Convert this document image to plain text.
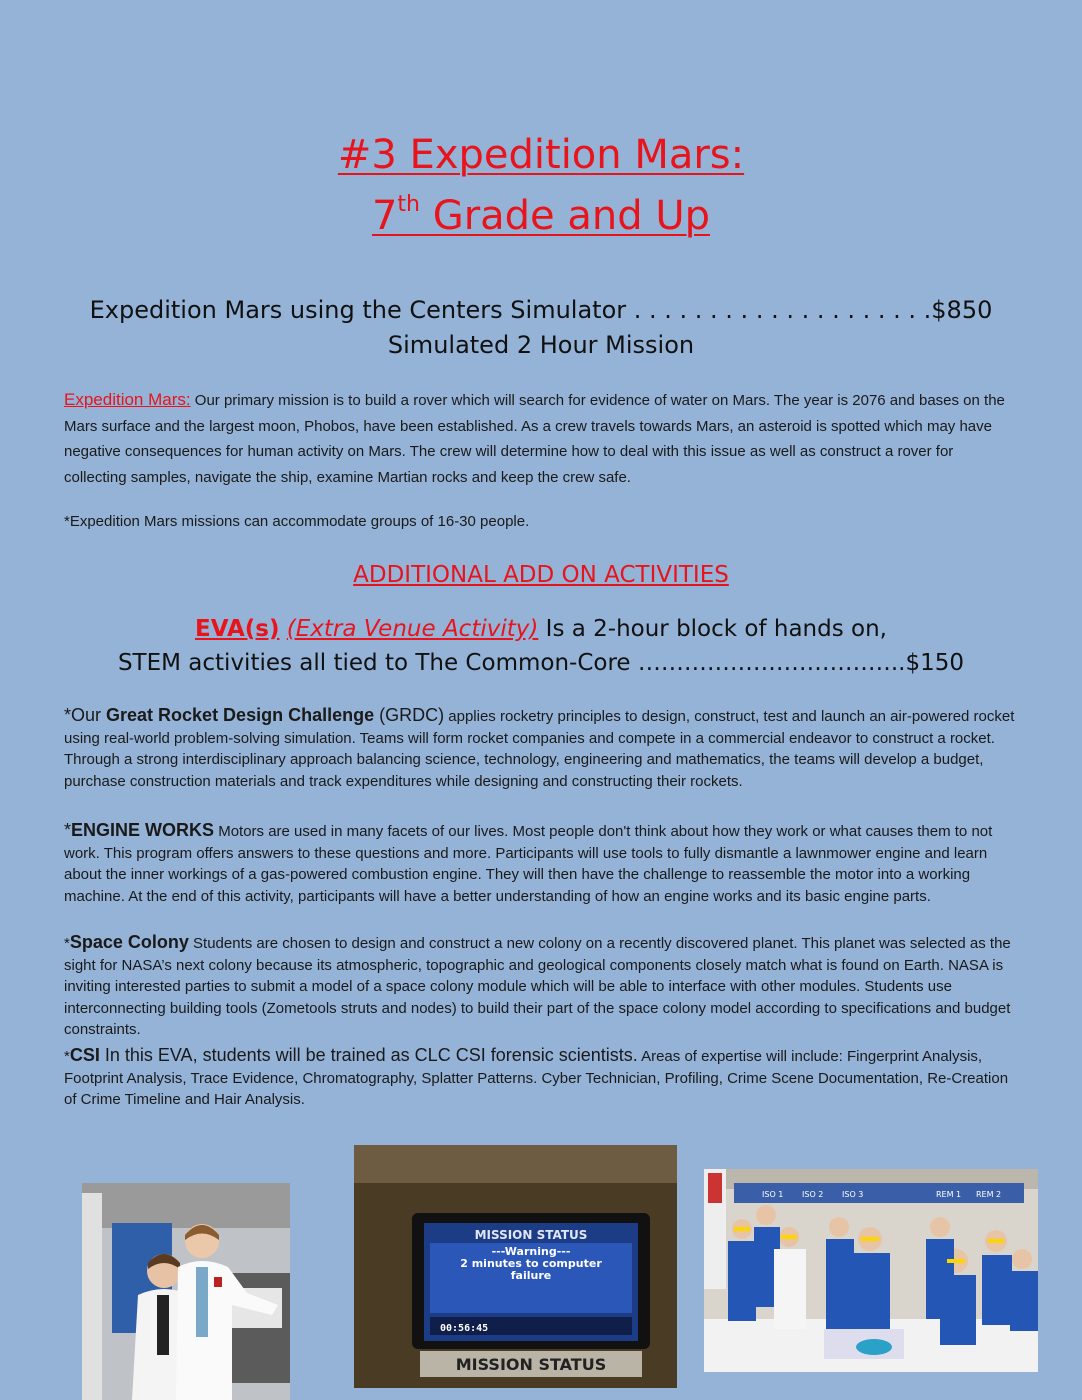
#3 Expedition Mars:
7th Grade and Up
Expedition Mars using the Centers Simulator . . . . . . . . . . . . . . . . . . . .$850
Simulated 2 Hour Mission
Expedition Mars: Our primary mission is to build a rover which will search for evidence of water on Mars. The year is 2076 and bases on the Mars surface and the largest moon, Phobos, have been established. As a crew travels towards Mars, an asteroid is spotted which may have negative consequences for human activity on Mars. The crew will determine how to deal with this issue as well as construct a rover for collecting samples, navigate the ship, examine Martian rocks and keep the crew safe.
*Expedition Mars missions can accommodate groups of 16-30 people.
ADDITIONAL ADD ON ACTIVITIES
EVA(s) (Extra Venue Activity) Is a 2-hour block of hands on,
STEM activities all tied to The Common-Core ……………………………..$150
*Our Great Rocket Design Challenge (GRDC) applies rocketry principles to design, construct, test and launch an air-powered rocket using real-world problem-solving simulation. Teams will form rocket companies and compete in a commercial endeavor to construct a rocket. Through a strong interdisciplinary approach balancing science, technology, engineering and mathematics, the teams will develop a budget, purchase construction materials and track expenditures while designing and constructing their rockets.
*ENGINE WORKS Motors are used in many facets of our lives. Most people don't think about how they work or what causes them to not work. This program offers answers to these questions and more. Participants will use tools to fully dismantle a lawnmower engine and learn about the inner workings of a gas-powered combustion engine. They will then have the challenge to reassemble the motor into a working machine. At the end of this activity, participants will have a better understanding of how an engine works and its basic engine parts.
*Space Colony Students are chosen to design and construct a new colony on a recently discovered planet. This planet was selected as the sight for NASA’s next colony because its atmospheric, topographic and geological components closely match what is found on Earth. NASA is inviting interested parties to submit a model of a space colony module which will be able to interface with other modules. Students use interconnecting building tools (Zometools struts and nodes) to build their part of the space colony model according to specifications and budget constraints.
*CSI In this EVA, students will be trained as CLC CSI forensic scientists. Areas of expertise will include: Fingerprint Analysis, Footprint Analysis, Trace Evidence, Chromatography, Splatter Patterns. Cyber Technician, Profiling, Crime Scene Documentation, Re-Creation of Crime Timeline and Hair Analysis.
MISSION STATUS
---Warning---
2 minutes to computer
failure
00:56:45
MISSION STATUS
ISO 1 ISO 2 ISO 3	REM 1 REM 2
